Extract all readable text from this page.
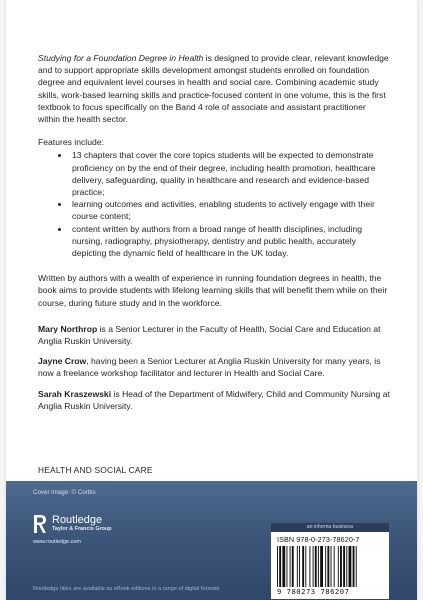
Studying for a Foundation Degree in Health is designed to provide clear, relevant knowledge and to support appropriate skills development amongst students enrolled on foundation degree and equivalent level courses in health and social care. Combining academic study skills, work-based learning skills and practice-focused content in one volume, this is the first textbook to focus specifically on the Band 4 role of associate and assistant practitioner within the health sector.

Features include:

• 13 chapters that cover the core topics students will be expected to demonstrate proficiency on by the end of their degree, including health promotion, healthcare delivery, safeguarding, quality in healthcare and research and evidence-based practice;
• learning outcomes and activities, enabling students to actively engage with their course content;
• content written by authors from a broad range of health disciplines, including nursing, radiography, physiotherapy, dentistry and public health, accurately depicting the dynamic field of healthcare in the UK today.

Written by authors with a wealth of experience in running foundation degrees in health, the book aims to provide students with lifelong learning skills that will benefit them while on their course, during future study and in the workforce.

Mary Northrop is a Senior Lecturer in the Faculty of Health, Social Care and Education at Anglia Ruskin University.

Jayne Crow, having been a Senior Lecturer at Anglia Ruskin University for many years, is now a freelance workshop facilitator and lecturer in Health and Social Care.

Sarah Kraszewski is Head of the Department of Midwifery, Child and Community Nursing at Anglia Ruskin University.

HEALTH AND SOCIAL CARE
Cover image: © Corbis
Routledge
Taylor & Francis Group
www.routledge.com
an informa business
ISBN 978-0-273-78620-7
9 780273 786207
Routledge titles are available as eBook editions in a range of digital formats
